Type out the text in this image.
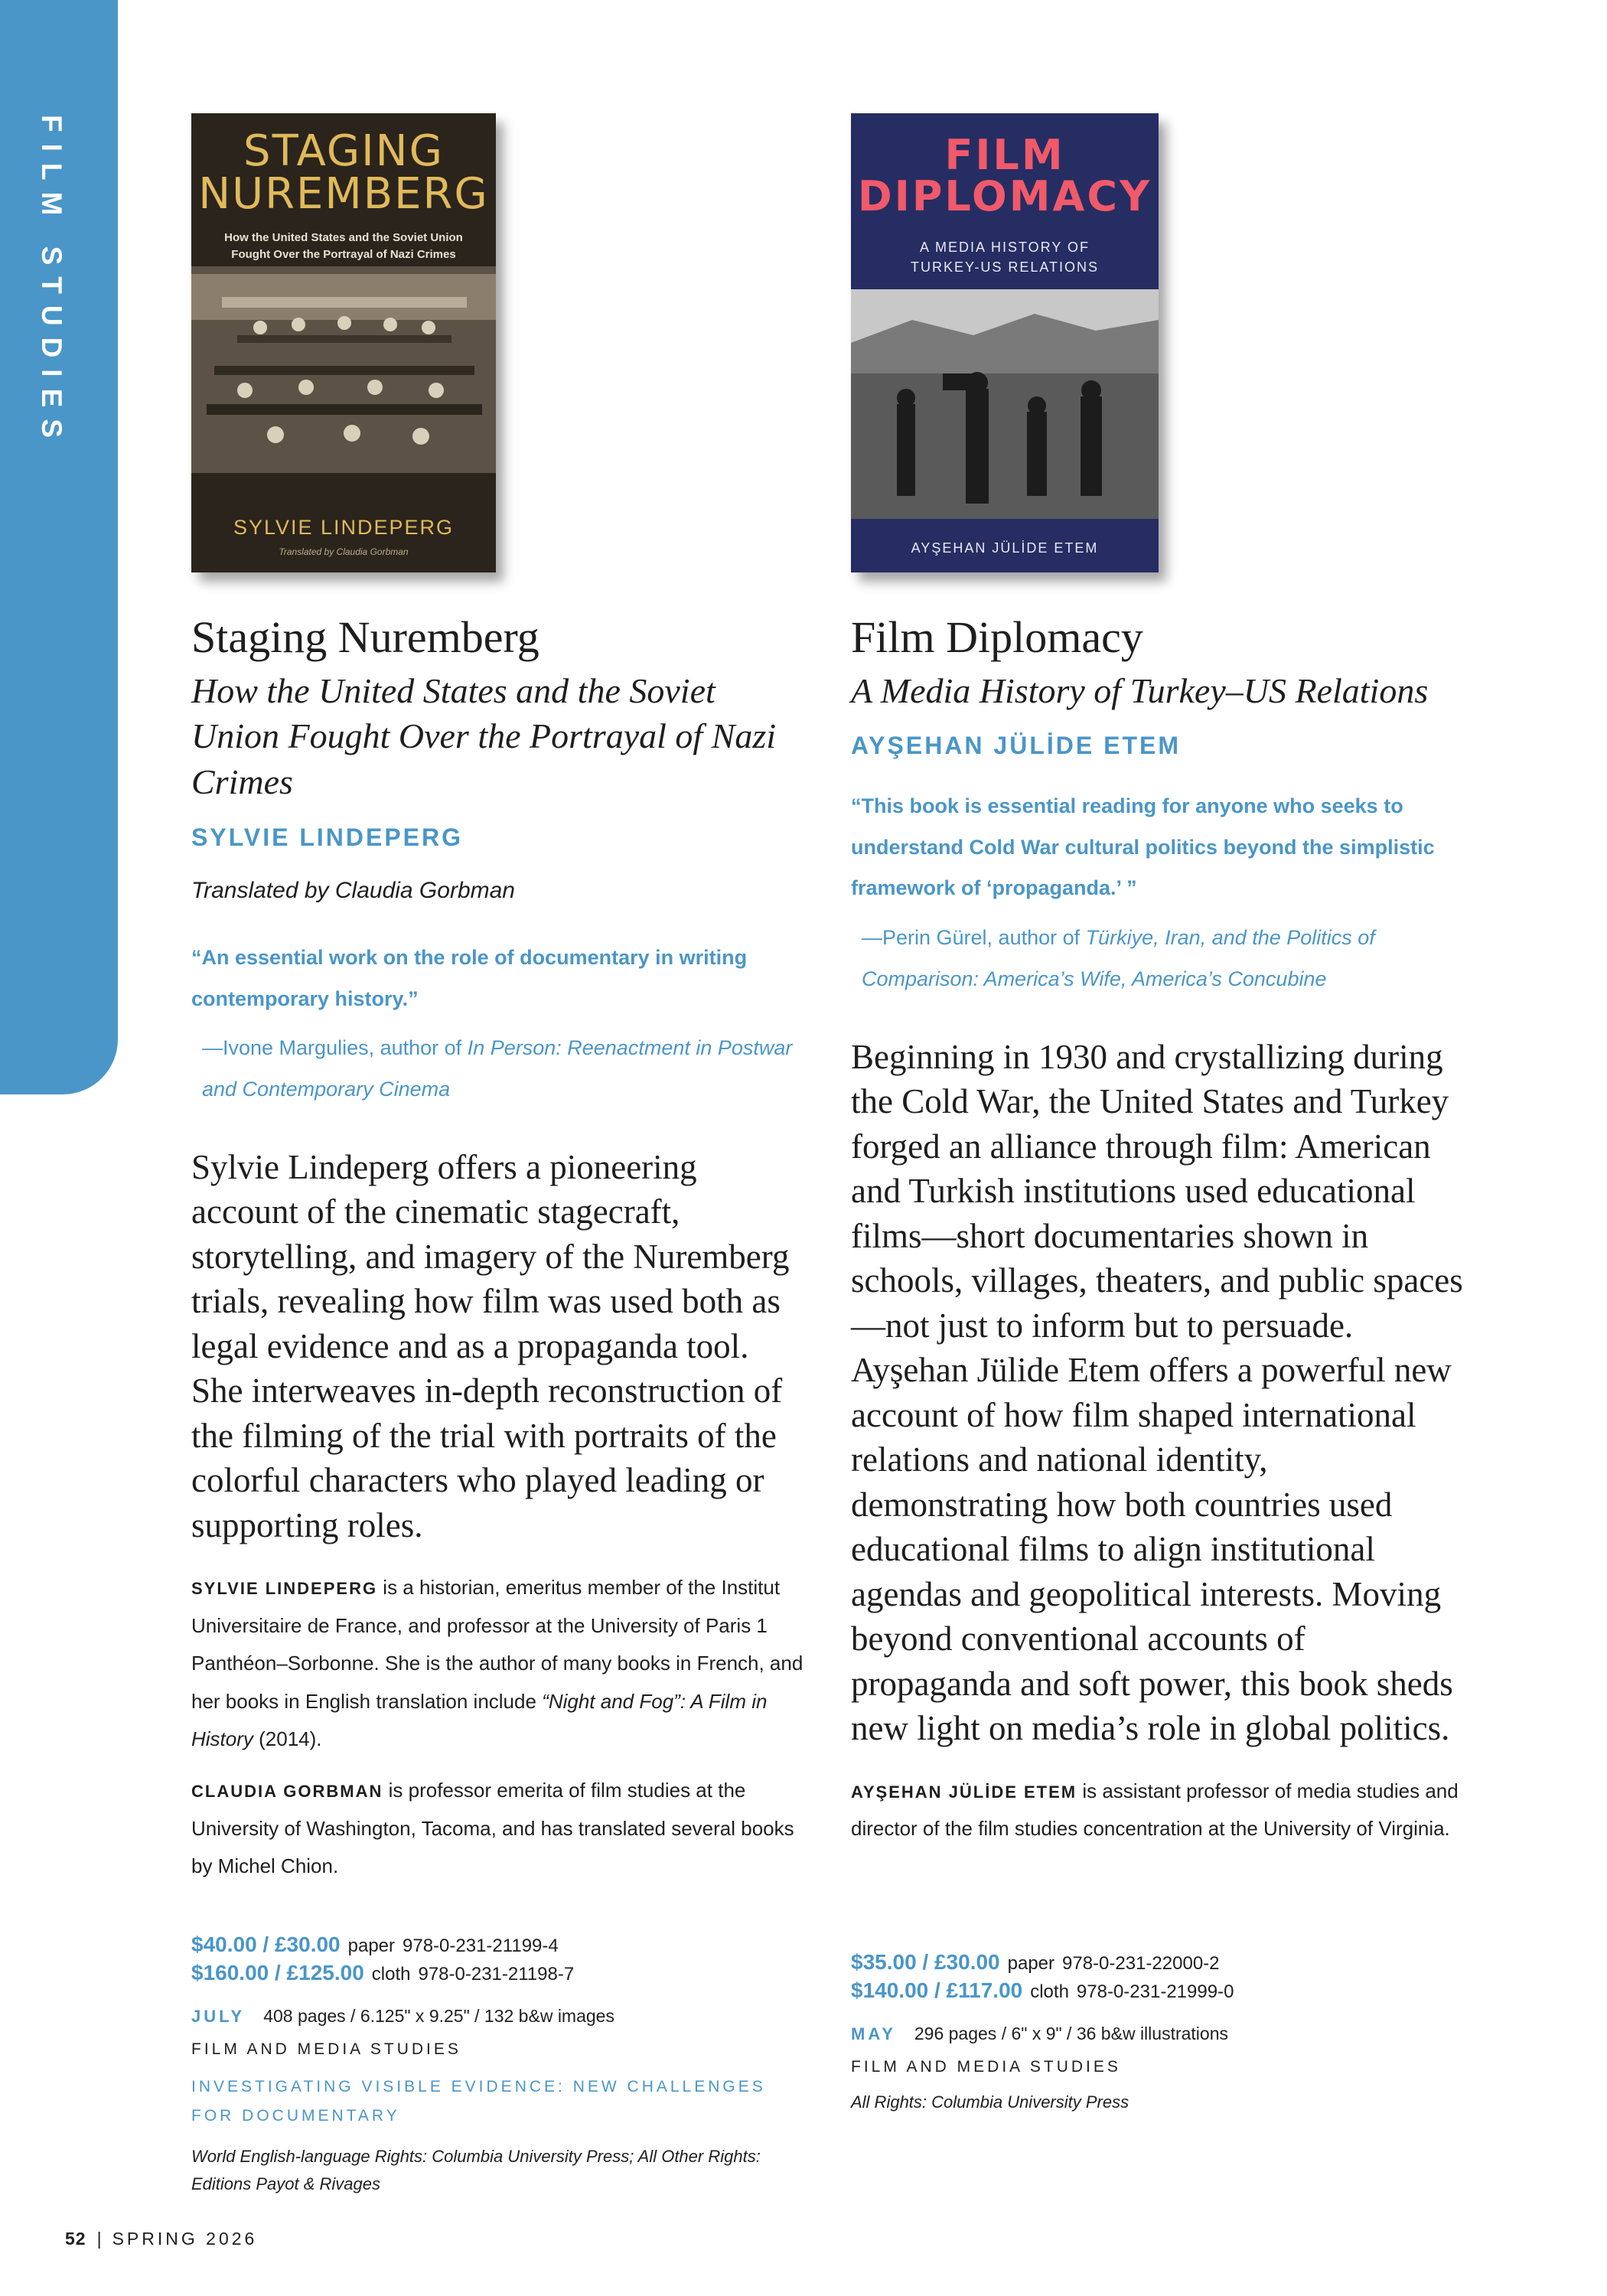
FILM STUDIES	STAGING
NUREMBERG
How the United States and the Soviet Union
Fought Over the Portrayal of Nazi Crimes
SYLVIE LINDEPERG
Translated by Claudia Gorbman
Staging Nuremberg
How the United States and the Soviet Union Fought Over the Portrayal of Nazi Crimes
SYLVIE LINDEPERG
Translated by Claudia Gorbman
“An essential work on the role of documentary in writing contemporary history.”
—Ivone Margulies, author of In Person: Reenactment in Postwar and Contemporary Cinema
Sylvie Lindeperg offers a pioneering account of the cinematic stagecraft, storytelling, and imagery of the Nuremberg trials, revealing how film was used both as legal evidence and as a propaganda tool. She interweaves in-depth reconstruction of the filming of the trial with portraits of the colorful characters who played leading or supporting roles.
SYLVIE LINDEPERG is a historian, emeritus member of the Institut Universitaire de France, and professor at the University of Paris 1 Panthéon–Sorbonne. She is the author of many books in French, and her books in English translation include “Night and Fog”: A Film in History (2014).
CLAUDIA GORBMAN is professor emerita of film studies at the University of Washington, Tacoma, and has translated several books by Michel Chion.
$40.00 / £30.00 paper 978-0-231-21199-4
$160.00 / £125.00 cloth 978-0-231-21198-7
JULY 408 pages / 6.125" x 9.25" / 132 b&w images
FILM AND MEDIA STUDIES
INVESTIGATING VISIBLE EVIDENCE: NEW CHALLENGES FOR DOCUMENTARY
World English-language Rights: Columbia University Press; All Other Rights: Editions Payot & Rivages
FILM
DIPLOMACY
A MEDIA HISTORY OF
TURKEY-US RELATIONS
AYŞEHAN JÜLİDE ETEM
Film Diplomacy
A Media History of Turkey–US Relations
AYŞEHAN JÜLİDE ETEM
“This book is essential reading for anyone who seeks to understand Cold War cultural politics beyond the simplistic framework of ‘propaganda.’ ”
—Perin Gürel, author of Türkiye, Iran, and the Politics of Comparison: America’s Wife, America’s Concubine
Beginning in 1930 and crystallizing during the Cold War, the United States and Turkey forged an alliance through film: American and Turkish institutions used educational films—short documentaries shown in schools, villages, theaters, and public spaces—not just to inform but to persuade. Ayşehan Jülide Etem offers a powerful new account of how film shaped international relations and national identity, demonstrating how both countries used educational films to align institutional agendas and geopolitical interests. Moving beyond conventional accounts of propaganda and soft power, this book sheds new light on media’s role in global politics.
AYŞEHAN JÜLİDE ETEM is assistant professor of media studies and director of the film studies concentration at the University of Virginia.
$35.00 / £30.00 paper 978-0-231-22000-2
$140.00 / £117.00 cloth 978-0-231-21999-0
MAY 296 pages / 6" x 9" / 36 b&w illustrations
FILM AND MEDIA STUDIES
All Rights: Columbia University Press
52 | SPRING 2026
